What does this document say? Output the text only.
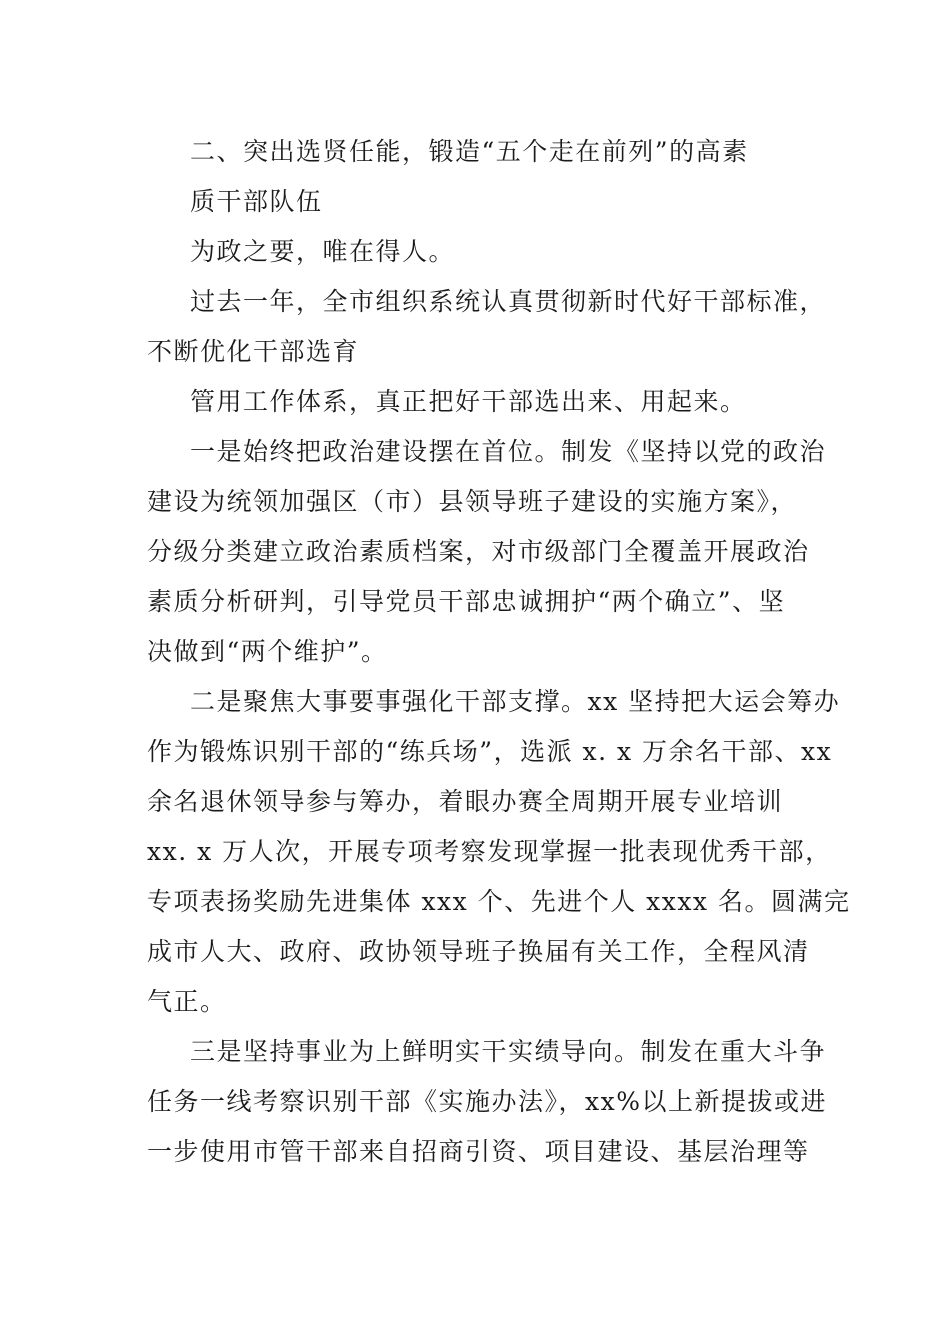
二、突出选贤任能，锻造“五个走在前列”的高素
质干部队伍
为政之要，唯在得人。
过去一年，全市组织系统认真贯彻新时代好干部标准，
不断优化干部选育
管用工作体系，真正把好干部选出来、用起来。
一是始终把政治建设摆在首位。制发《坚持以党的政治
建设为统领加强区（市）县领导班子建设的实施方案》，
分级分类建立政治素质档案，对市级部门全覆盖开展政治
素质分析研判，引导党员干部忠诚拥护“两个确立”、坚
决做到“两个维护”。
二是聚焦大事要事强化干部支撑。xx 坚持把大运会筹办
作为锻炼识别干部的“练兵场”，选派 x. x 万余名干部、xx
余名退休领导参与筹办，着眼办赛全周期开展专业培训
xx. x 万人次，开展专项考察发现掌握一批表现优秀干部，
专项表扬奖励先进集体 xxx 个、先进个人 xxxx 名。圆满完
成市人大、政府、政协领导班子换届有关工作，全程风清
气正。
三是坚持事业为上鲜明实干实绩导向。制发在重大斗争
任务一线考察识别干部《实施办法》，xx%以上新提拔或进
一步使用市管干部来自招商引资、项目建设、基层治理等
